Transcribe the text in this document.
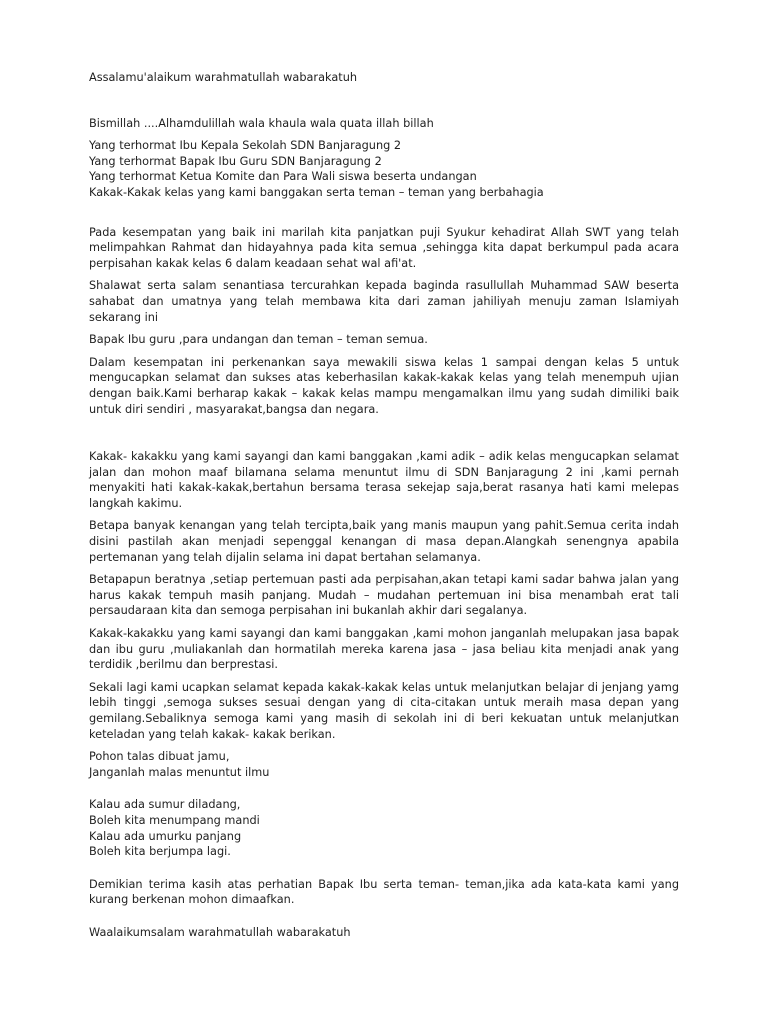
Assalamu'alaikum warahmatullah wabarakatuh

Bismillah ....Alhamdulillah wala khaula wala quata illah billah

Yang terhormat Ibu Kepala Sekolah SDN Banjaragung 2
Yang terhormat Bapak Ibu Guru SDN Banjaragung 2
Yang terhormat Ketua Komite dan Para Wali siswa beserta undangan
Kakak-Kakak kelas yang kami banggakan serta teman – teman yang berbahagia

Pada kesempatan yang baik ini marilah kita panjatkan puji Syukur kehadirat Allah SWT yang telah melimpahkan Rahmat dan hidayahnya pada kita semua ,sehingga kita dapat berkumpul pada acara perpisahan kakak kelas 6 dalam keadaan sehat wal afi'at.

Shalawat serta salam senantiasa tercurahkan kepada baginda rasullullah Muhammad SAW beserta sahabat dan umatnya yang telah membawa kita dari zaman jahiliyah menuju zaman Islamiyah sekarang ini

Bapak Ibu guru ,para undangan dan teman – teman semua.

Dalam kesempatan ini perkenankan saya mewakili siswa kelas 1 sampai dengan kelas 5 untuk mengucapkan selamat dan sukses atas keberhasilan kakak-kakak kelas yang telah menempuh ujian dengan baik.Kami berharap kakak – kakak kelas mampu mengamalkan ilmu yang sudah dimiliki baik untuk diri sendiri , masyarakat,bangsa dan negara.

Kakak- kakakku yang kami sayangi dan kami banggakan ,kami adik – adik kelas mengucapkan selamat jalan dan mohon maaf bilamana selama menuntut ilmu di SDN Banjaragung 2 ini ,kami pernah menyakiti hati kakak-kakak,bertahun bersama terasa sekejap saja,berat rasanya hati kami melepas langkah kakimu.

Betapa banyak kenangan yang telah tercipta,baik yang manis maupun yang pahit.Semua cerita indah disini pastilah akan menjadi sepenggal kenangan di masa depan.Alangkah senengnya apabila pertemanan yang telah dijalin selama ini dapat bertahan selamanya.

Betapapun beratnya ,setiap pertemuan pasti ada perpisahan,akan tetapi kami sadar bahwa jalan yang harus kakak tempuh masih panjang. Mudah – mudahan pertemuan ini bisa menambah erat tali persaudaraan kita dan semoga perpisahan ini bukanlah akhir dari segalanya.

Kakak-kakakku yang kami sayangi dan kami banggakan ,kami mohon janganlah melupakan jasa bapak dan ibu guru ,muliakanlah dan hormatilah mereka karena jasa – jasa beliau kita menjadi anak yang terdidik ,berilmu dan berprestasi.

Sekali lagi kami ucapkan selamat kepada kakak-kakak kelas untuk melanjutkan belajar di jenjang yamg lebih tinggi ,semoga sukses sesuai dengan yang di cita-citakan untuk meraih masa depan yang gemilang.Sebaliknya semoga kami yang masih di sekolah ini di beri kekuatan untuk melanjutkan keteladan yang telah kakak- kakak berikan.

Pohon talas dibuat jamu,
Janganlah malas menuntut ilmu
Kalau ada sumur diladang,
Boleh kita menumpang mandi
Kalau ada umurku panjang
Boleh kita berjumpa lagi.

Demikian terima kasih atas perhatian Bapak Ibu serta teman- teman,jika ada kata-kata kami yang kurang berkenan mohon dimaafkan.

Waalaikumsalam warahmatullah wabarakatuh
